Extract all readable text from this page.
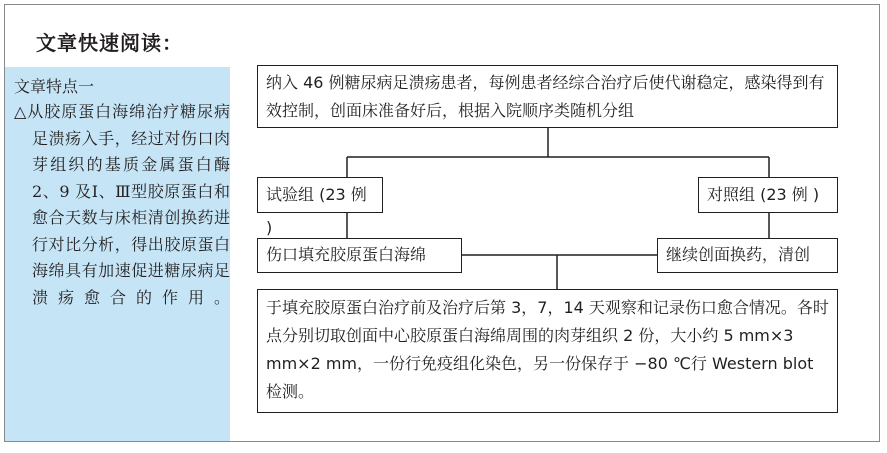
文章快速阅读：
文章特点一
△从胶原蛋白海绵治疗糖尿病足溃疡入手，经过对伤口肉芽组织的基质金属蛋白酶 2、9 及Ⅰ、Ⅲ型胶原蛋白和愈合天数与床柜清创换药进行对比分析，得出胶原蛋白海绵具有加速促进糖尿病足溃疡愈合的作用。
纳入 46 例糖尿病足溃疡患者，每例患者经综合治疗后使代谢稳定，感染得到有效控制，创面床准备好后，根据入院顺序类随机分组
试验组 (23 例 )
对照组 (23 例 )
伤口填充胶原蛋白海绵	继续创面换药，清创
于填充胶原蛋白治疗前及治疗后第 3，7，14 天观察和记录伤口愈合情况。各时点分别切取创面中心胶原蛋白海绵周围的肉芽组织 2 份，大小约 5 mm×3 mm×2 mm，一份行免疫组化染色，另一份保存于 −80 ℃行 Western blot 检测。
